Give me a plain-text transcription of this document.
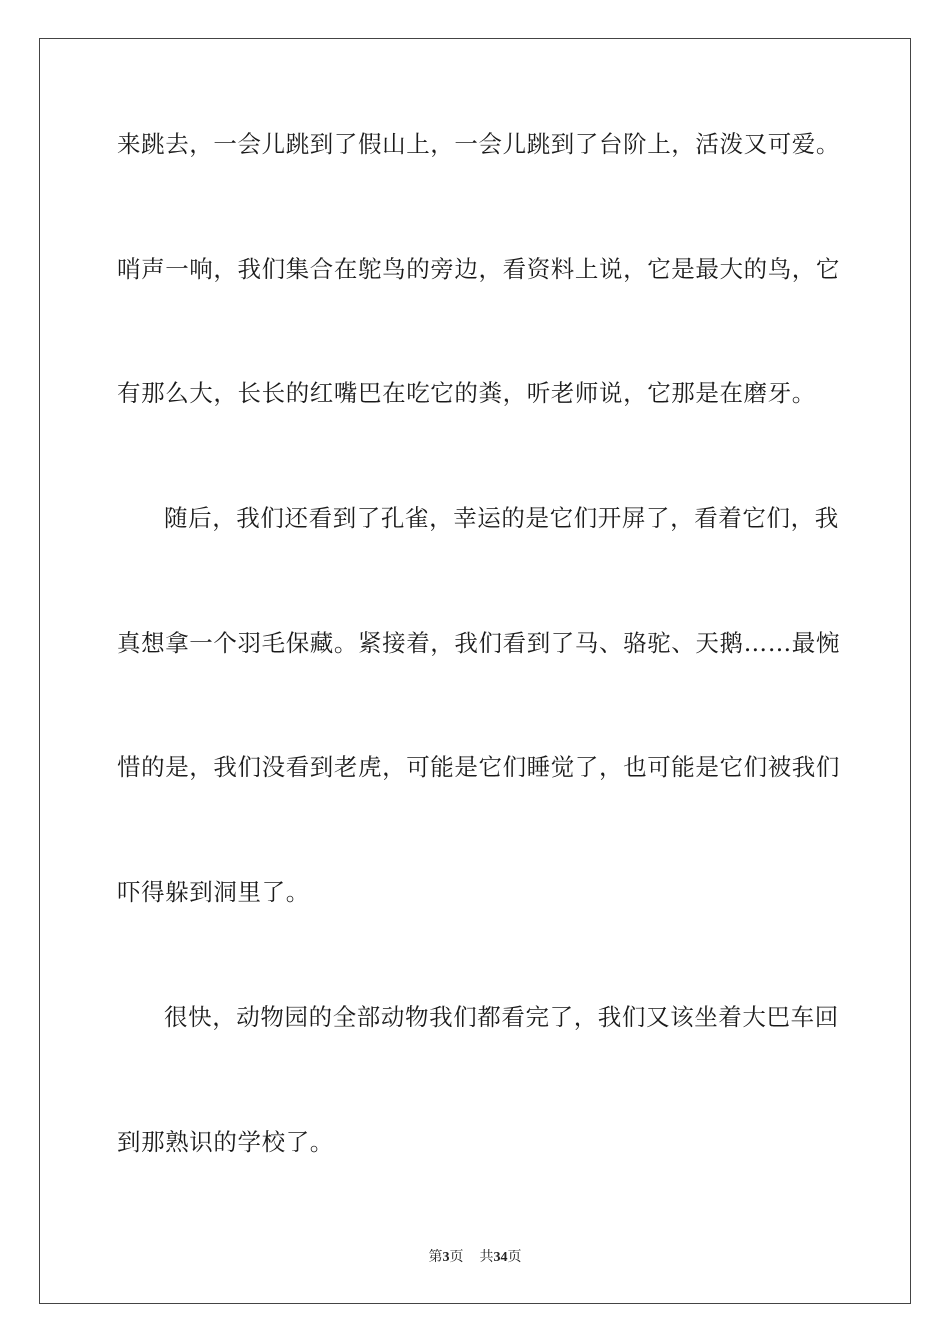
来跳去，一会儿跳到了假山上，一会儿跳到了台阶上，活泼又可爱。
哨声一响，我们集合在鸵鸟的旁边，看资料上说，它是最大的鸟，它
有那么大，长长的红嘴巴在吃它的粪，听老师说，它那是在磨牙。
随后，我们还看到了孔雀，幸运的是它们开屏了，看着它们，我
真想拿一个羽毛保藏。紧接着，我们看到了马、骆驼、天鹅……最惋
惜的是，我们没看到老虎，可能是它们睡觉了，也可能是它们被我们
吓得躲到洞里了。
很快，动物园的全部动物我们都看完了，我们又该坐着大巴车回
到那熟识的学校了。
第3页 共34页
